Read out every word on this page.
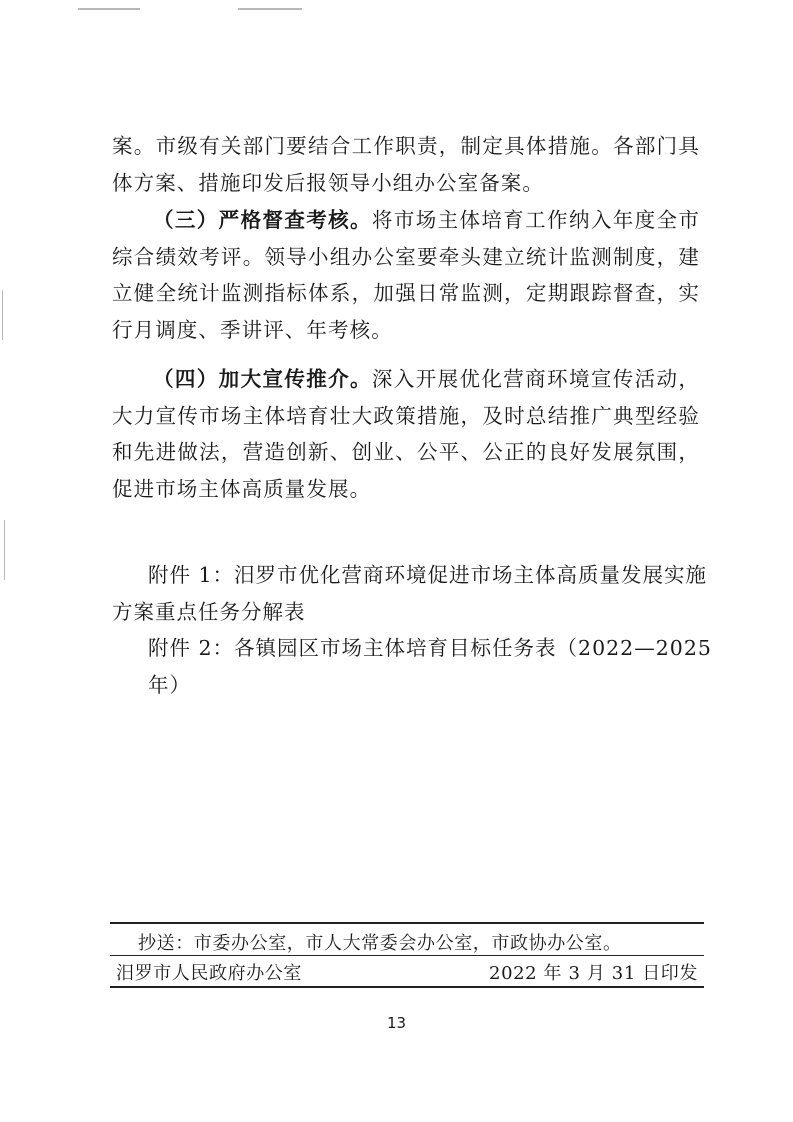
案。市级有关部门要结合工作职责，制定具体措施。各部门具体方案、措施印发后报领导小组办公室备案。
（三）严格督查考核。将市场主体培育工作纳入年度全市综合绩效考评。领导小组办公室要牵头建立统计监测制度，建立健全统计监测指标体系，加强日常监测，定期跟踪督查，实行月调度、季讲评、年考核。
（四）加大宣传推介。深入开展优化营商环境宣传活动，大力宣传市场主体培育壮大政策措施，及时总结推广典型经验和先进做法，营造创新、创业、公平、公正的良好发展氛围，促进市场主体高质量发展。
附件 1：汨罗市优化营商环境促进市场主体高质量发展实施
方案重点任务分解表
附件 2：各镇园区市场主体培育目标任务表（2022—2025 年）
抄送：市委办公室，市人大常委会办公室，市政协办公室。
汨罗市人民政府办公室	2022 年 3 月 31 日印发
13
